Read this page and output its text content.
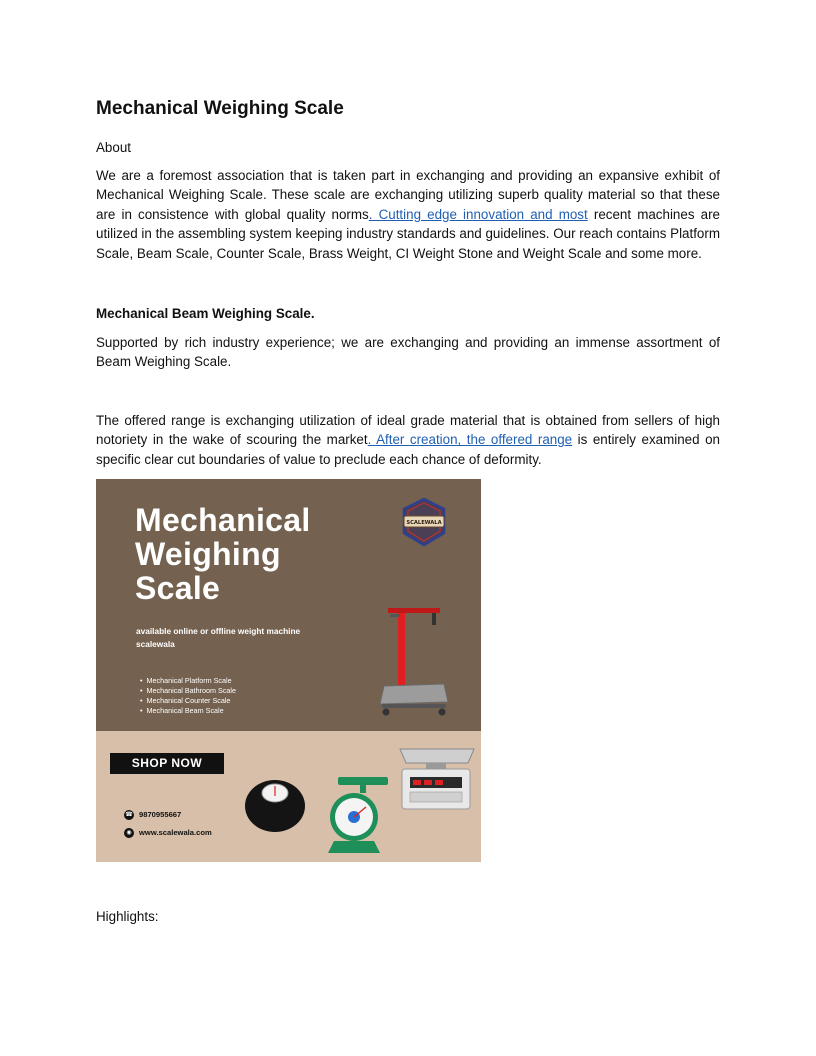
Mechanical Weighing Scale

About

We are a foremost association that is taken part in exchanging and providing an expansive exhibit of Mechanical Weighing Scale. These scale are exchanging utilizing superb quality material so that these are in consistence with global quality norms. Cutting edge innovation and most recent machines are utilized in the assembling system keeping industry standards and guidelines. Our reach contains Platform Scale, Beam Scale, Counter Scale, Brass Weight, CI Weight Stone and Weight Scale and some more.

Mechanical Beam Weighing Scale.

Supported by rich industry experience; we are exchanging and providing an immense assortment of Beam Weighing Scale.

The offered range is exchanging utilization of ideal grade material that is obtained from sellers of high notoriety in the wake of scouring the market. After creation, the offered range is entirely examined on specific clear cut boundaries of value to preclude each chance of deformity.

Mechanical
Weighing
Scale
available online or offline weight machine
scalewala
• Mechanical Platform Scale
• Mechanical Bathroom Scale
• Mechanical Counter Scale
• Mechanical Beam Scale
SCALEWALA
SHOP NOW
☎ 9870955667
◉ www.scalewala.com
Highlights:
